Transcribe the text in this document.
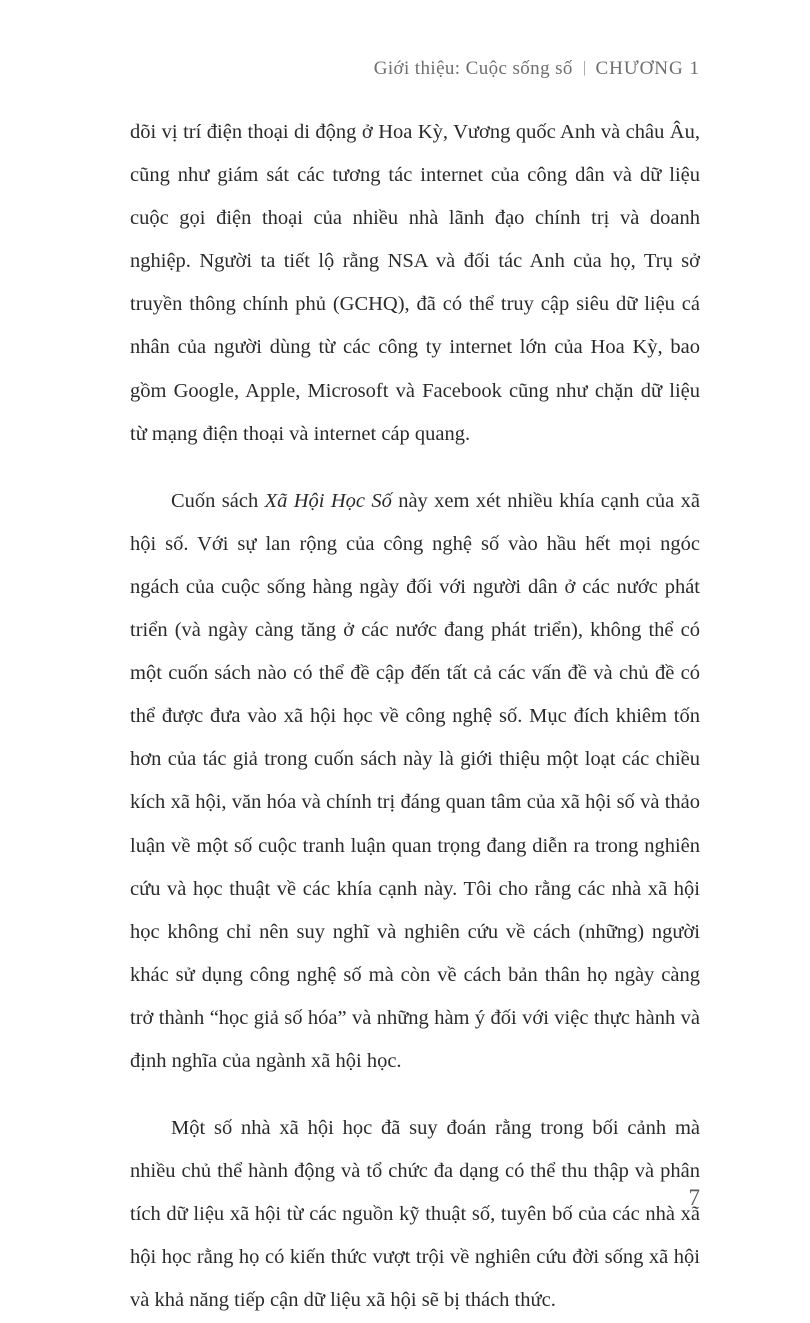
Giới thiệu: Cuộc sống số | CHƯƠNG 1

dõi vị trí điện thoại di động ở Hoa Kỳ, Vương quốc Anh và châu Âu, cũng như giám sát các tương tác internet của công dân và dữ liệu cuộc gọi điện thoại của nhiều nhà lãnh đạo chính trị và doanh nghiệp. Người ta tiết lộ rằng NSA và đối tác Anh của họ, Trụ sở truyền thông chính phủ (GCHQ), đã có thể truy cập siêu dữ liệu cá nhân của người dùng từ các công ty internet lớn của Hoa Kỳ, bao gồm Google, Apple, Microsoft và Facebook cũng như chặn dữ liệu từ mạng điện thoại và internet cáp quang.

Cuốn sách Xã Hội Học Số này xem xét nhiều khía cạnh của xã hội số. Với sự lan rộng của công nghệ số vào hầu hết mọi ngóc ngách của cuộc sống hàng ngày đối với người dân ở các nước phát triển (và ngày càng tăng ở các nước đang phát triển), không thể có một cuốn sách nào có thể đề cập đến tất cả các vấn đề và chủ đề có thể được đưa vào xã hội học về công nghệ số. Mục đích khiêm tốn hơn của tác giả trong cuốn sách này là giới thiệu một loạt các chiều kích xã hội, văn hóa và chính trị đáng quan tâm của xã hội số và thảo luận về một số cuộc tranh luận quan trọng đang diễn ra trong nghiên cứu và học thuật về các khía cạnh này. Tôi cho rằng các nhà xã hội học không chỉ nên suy nghĩ và nghiên cứu về cách (những) người khác sử dụng công nghệ số mà còn về cách bản thân họ ngày càng trở thành “học giả số hóa” và những hàm ý đối với việc thực hành và định nghĩa của ngành xã hội học.

Một số nhà xã hội học đã suy đoán rằng trong bối cảnh mà nhiều chủ thể hành động và tổ chức đa dạng có thể thu thập và phân tích dữ liệu xã hội từ các nguồn kỹ thuật số, tuyên bố của các nhà xã hội học rằng họ có kiến thức vượt trội về nghiên cứu đời sống xã hội và khả năng tiếp cận dữ liệu xã hội sẽ bị thách thức.

7
